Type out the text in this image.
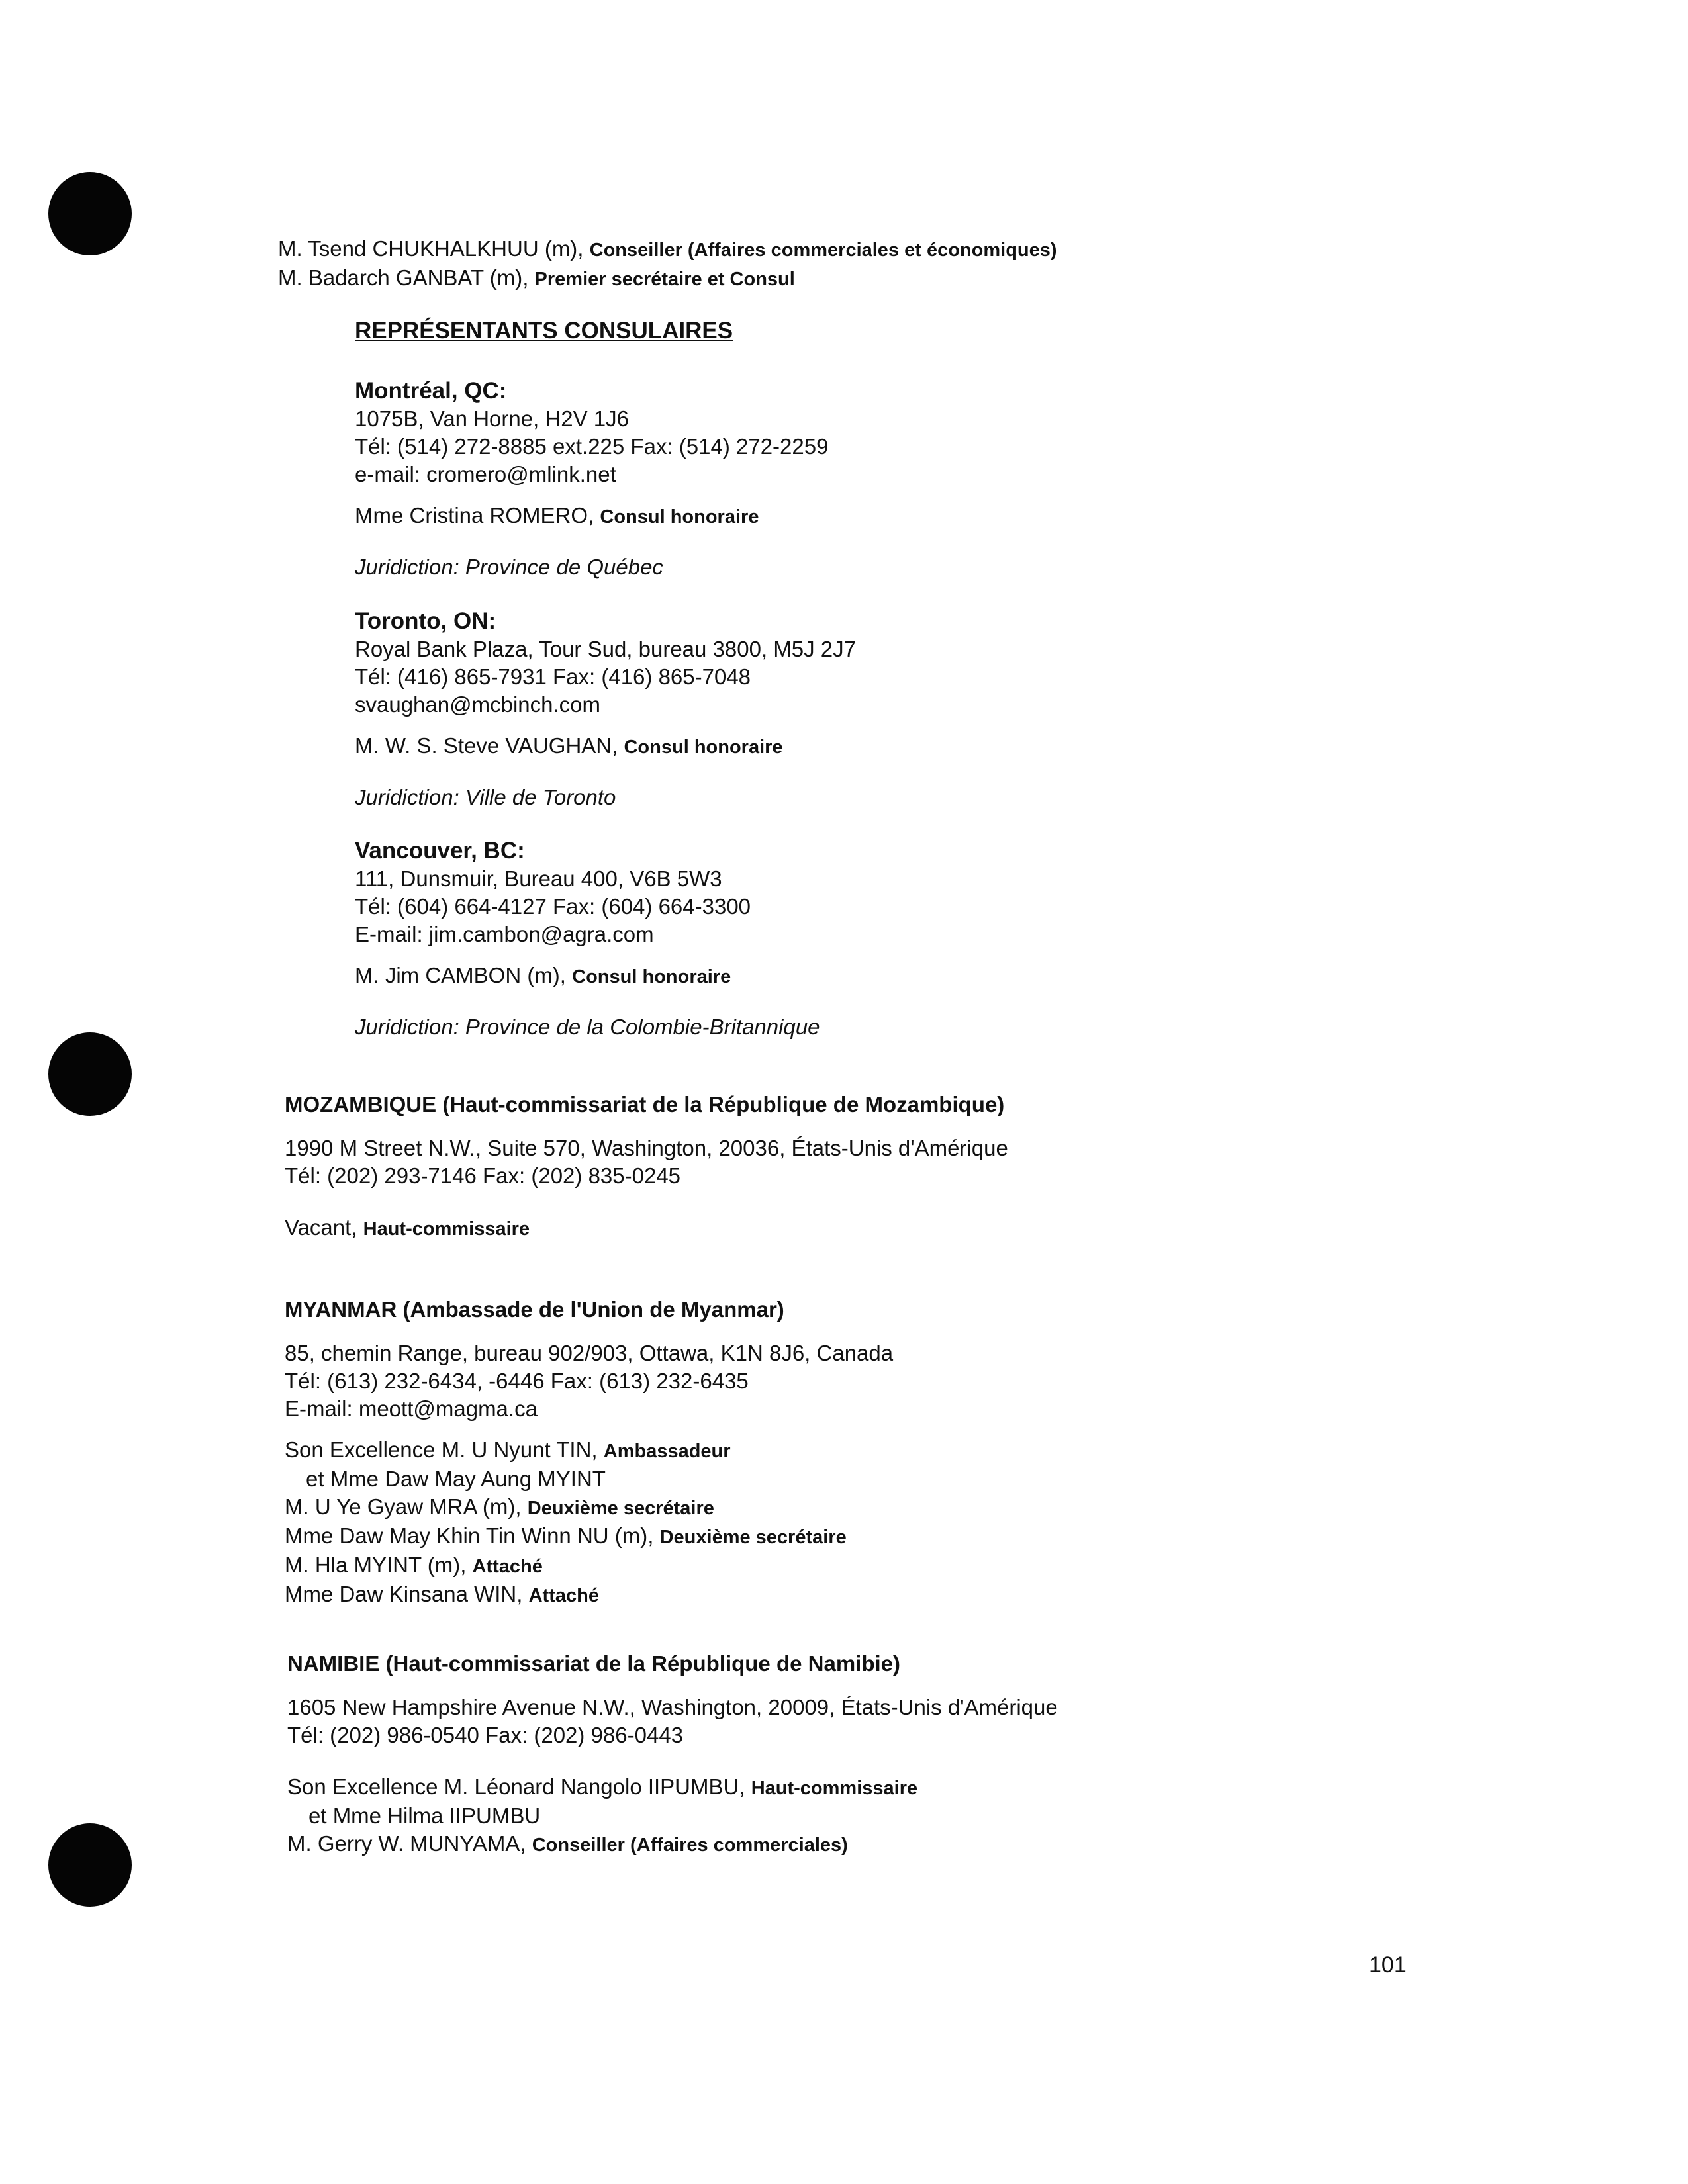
M. Tsend CHUKHALKHUU (m), Conseiller (Affaires commerciales et économiques)
M. Badarch GANBAT (m), Premier secrétaire et Consul
REPRÉSENTANTS CONSULAIRES
Montréal, QC:
1075B, Van Horne, H2V 1J6
Tél: (514) 272-8885 ext.225 Fax: (514) 272-2259
e-mail: cromero@mlink.net
Mme Cristina ROMERO, Consul honoraire
Juridiction: Province de Québec
Toronto, ON:
Royal Bank Plaza, Tour Sud, bureau 3800, M5J 2J7
Tél: (416) 865-7931 Fax: (416) 865-7048
svaughan@mcbinch.com
M. W. S. Steve VAUGHAN, Consul honoraire
Juridiction: Ville de Toronto
Vancouver, BC:
111, Dunsmuir, Bureau 400, V6B 5W3
Tél: (604) 664-4127 Fax: (604) 664-3300
E-mail: jim.cambon@agra.com
M. Jim CAMBON (m), Consul honoraire
Juridiction: Province de la Colombie-Britannique
MOZAMBIQUE (Haut-commissariat de la République de Mozambique)
1990 M Street N.W., Suite 570, Washington, 20036, États-Unis d'Amérique
Tél: (202) 293-7146 Fax: (202) 835-0245
Vacant, Haut-commissaire
MYANMAR (Ambassade de l'Union de Myanmar)
85, chemin Range, bureau 902/903, Ottawa, K1N 8J6, Canada
Tél: (613) 232-6434, -6446 Fax: (613) 232-6435
E-mail: meott@magma.ca
Son Excellence M. U Nyunt TIN, Ambassadeur
et Mme Daw May Aung MYINT
M. U Ye Gyaw MRA (m), Deuxième secrétaire
Mme Daw May Khin Tin Winn NU (m), Deuxième secrétaire
M. Hla MYINT (m), Attaché
Mme Daw Kinsana WIN, Attaché
NAMIBIE (Haut-commissariat de la République de Namibie)
1605 New Hampshire Avenue N.W., Washington, 20009, États-Unis d'Amérique
Tél: (202) 986-0540 Fax: (202) 986-0443
Son Excellence M. Léonard Nangolo IIPUMBU, Haut-commissaire
et Mme Hilma IIPUMBU
M. Gerry W. MUNYAMA, Conseiller (Affaires commerciales)
101
